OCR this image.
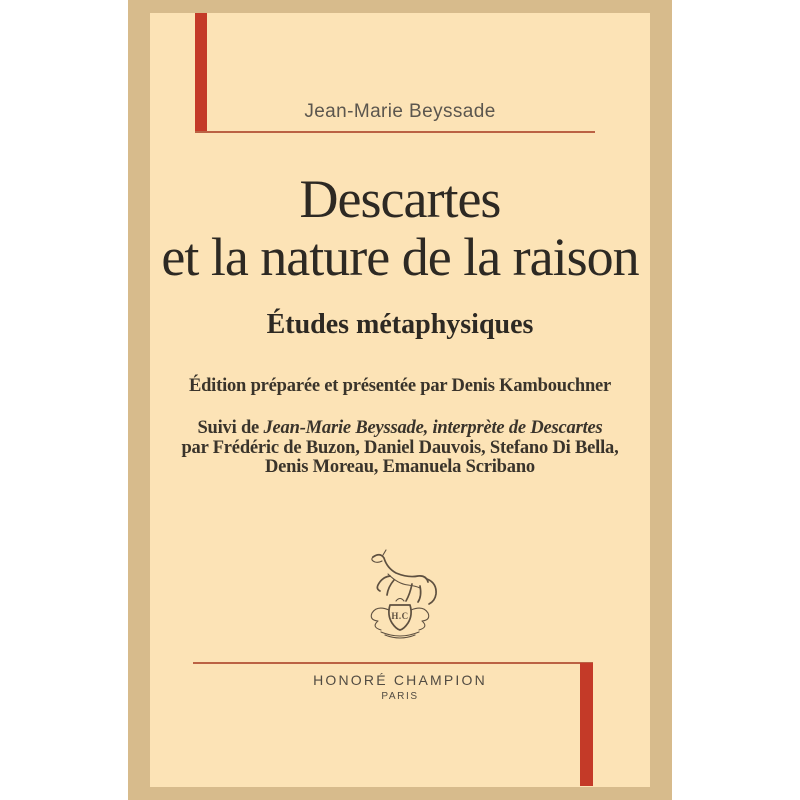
Jean-Marie Beyssade
Descartes
et la nature de la raison
Études métaphysiques
Édition préparée et présentée par Denis Kambouchner
Suivi de Jean-Marie Beyssade, interprète de Descartes
par Frédéric de Buzon, Daniel Dauvois, Stefano Di Bella,
Denis Moreau, Emanuela Scribano
H.C
HONORÉ CHAMPION
PARIS
